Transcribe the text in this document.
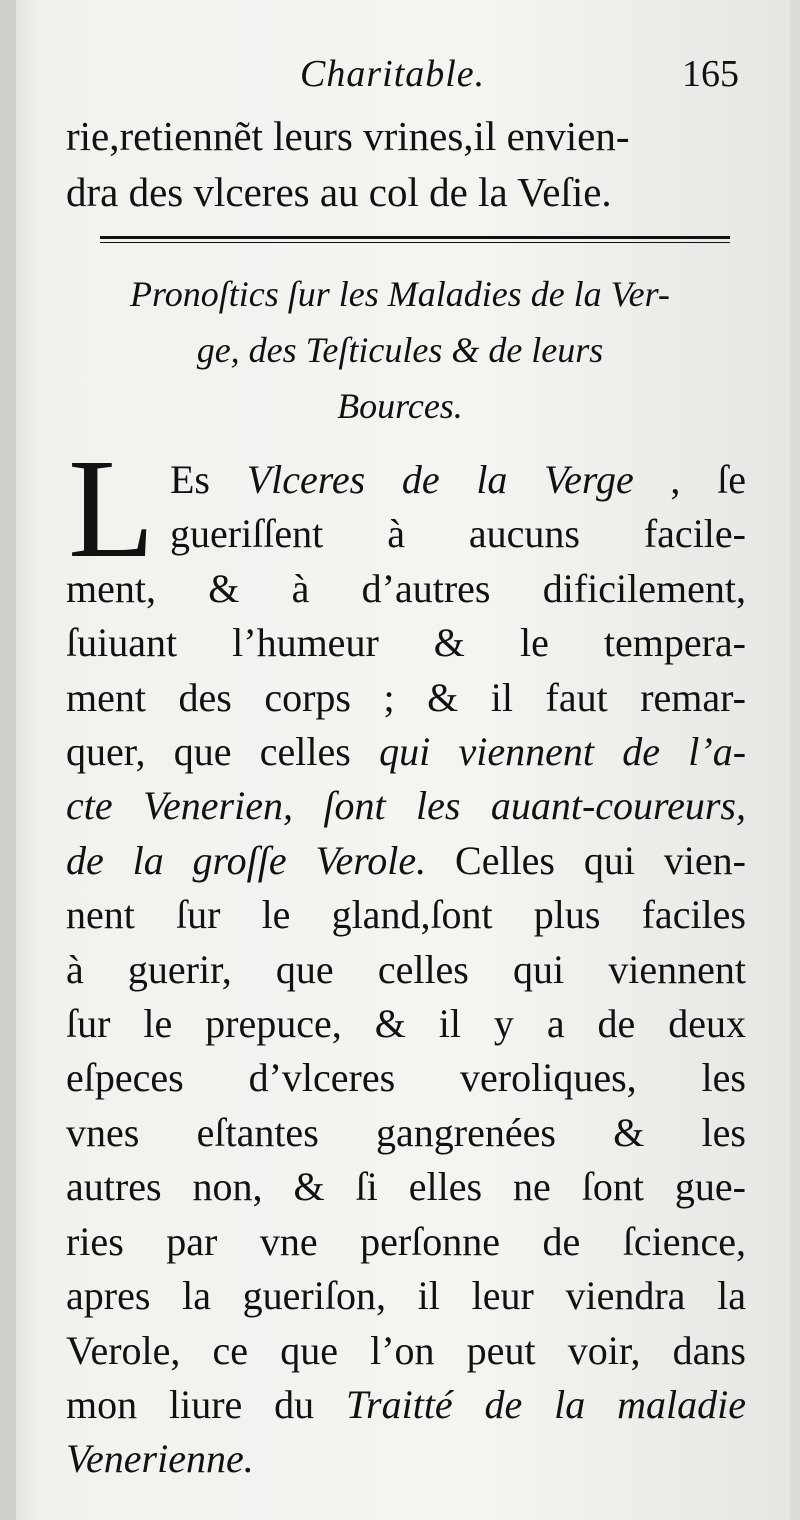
Charitable.	165
rie,retiennẽt leurs vrines,il envien-
dra des vlceres au col de la Veſie.
Pronoſtics ſur les Maladies de la Ver-
ge, des Teſticules & de leurs
Bources.
L Es Vlceres de la Verge , ſe
gueriſſent à aucuns facile-
ment, & à d’autres dificilement,
ſuiuant l’humeur & le tempera-
ment des corps ; & il faut remar-
quer, que celles qui viennent de l’a-
cte Venerien, ſont les auant-coureurs,
de la groſſe Verole. Celles qui vien-
nent ſur le gland,ſont plus faciles
à guerir, que celles qui viennent
ſur le prepuce, & il y a de deux
eſpeces d’vlceres veroliques, les
vnes eſtantes gangrenées & les
autres non, & ſi elles ne ſont gue-
ries par vne perſonne de ſcience,
apres la gueriſon, il leur viendra la
Verole, ce que l’on peut voir, dans
mon liure du Traitté de la maladie
Venerienne.
